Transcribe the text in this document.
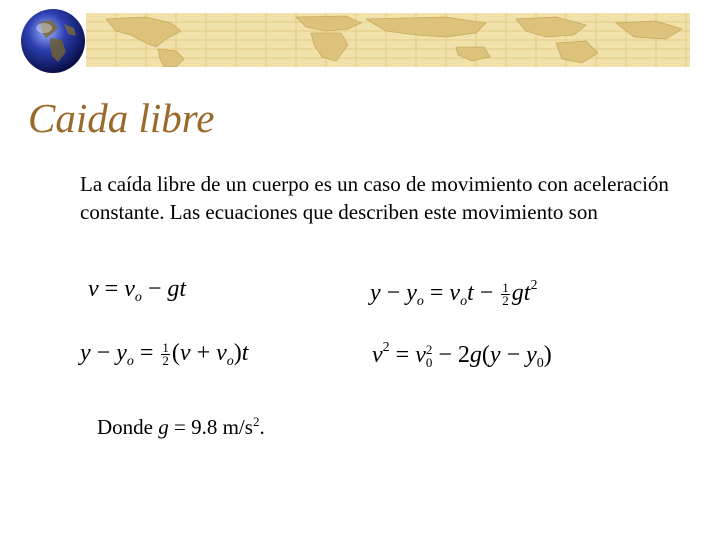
Caida libre

La caída libre de un cuerpo es un caso de movimiento con aceleración constante. Las ecuaciones que describen este movimiento son

$v = v_o$ − gt	$y - y_o = v_ot - \frac{1}{2} gt^2$
$y - y_o = \frac{1}{2} (v + v_o)t$	$v^2 = v$ 2
$0 - 2g(y - y_0)$
Donde g = 9.8 $m/s^2$.
